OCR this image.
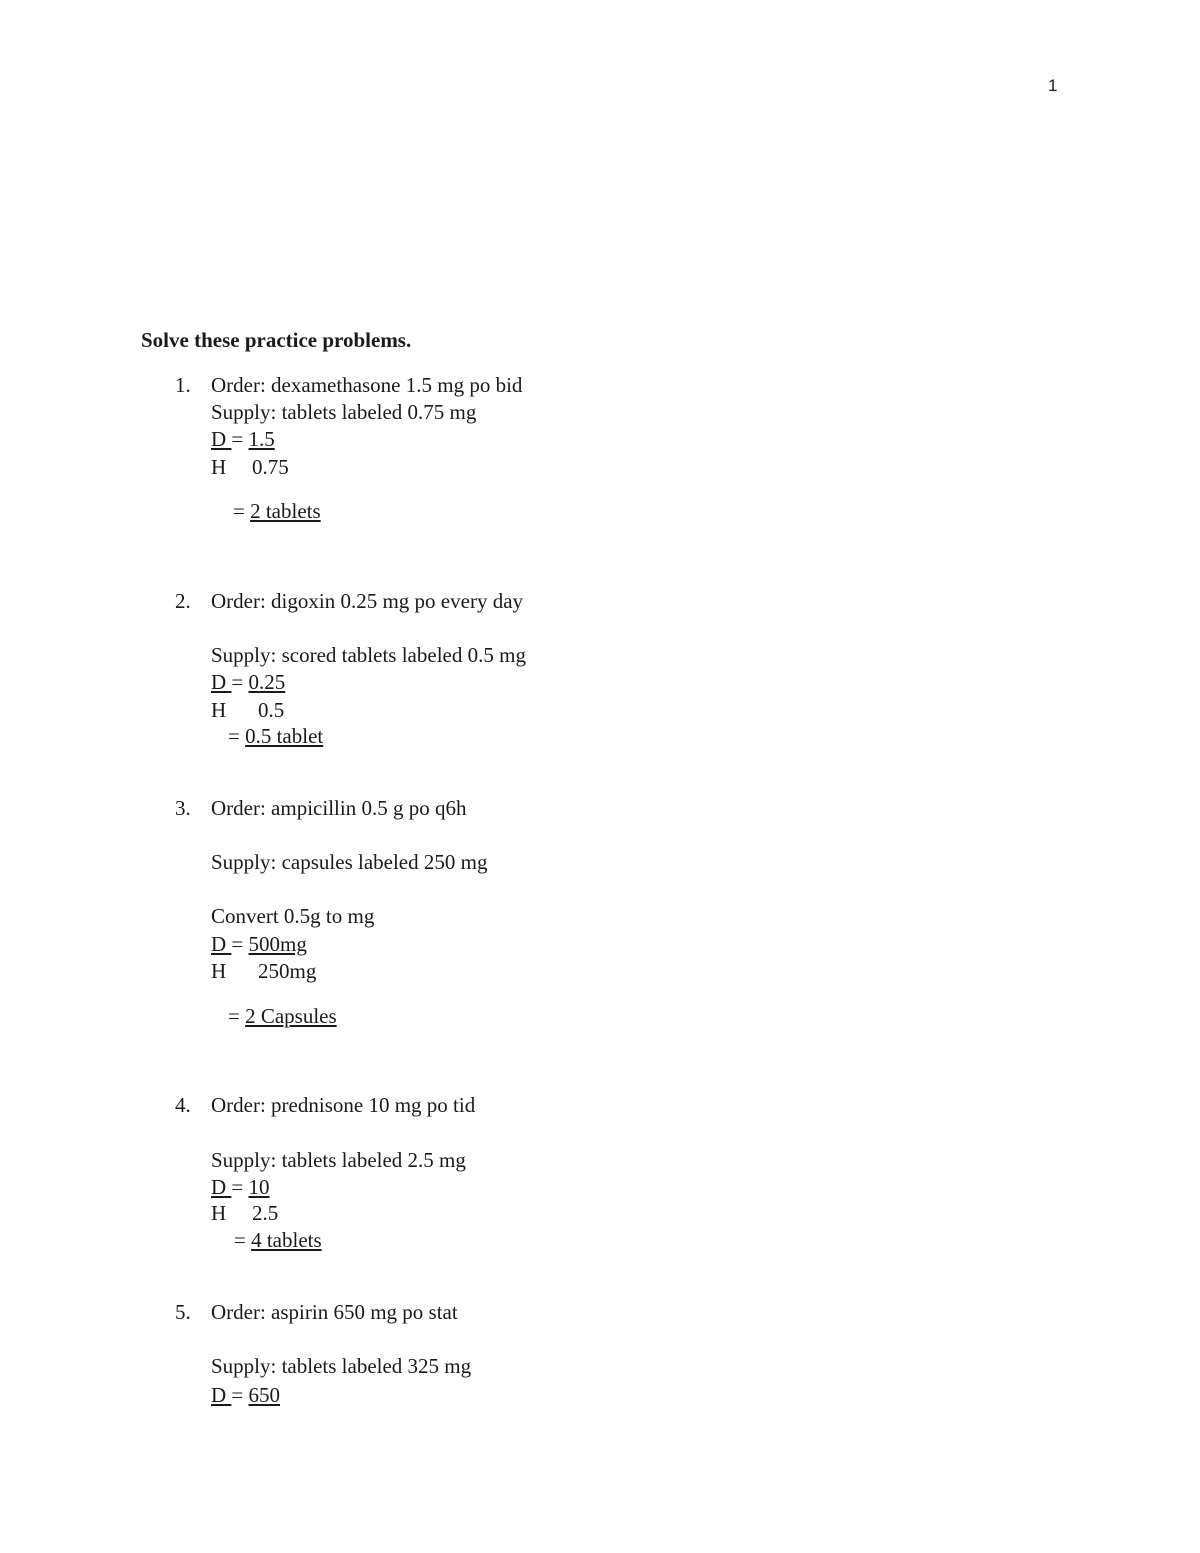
1
Solve these practice problems.
1. Order: dexamethasone 1.5 mg po bid
Supply: tablets labeled 0.75 mg
D = 1.5
H 0.75
= 2 tablets
2. Order: digoxin 0.25 mg po every day
Supply: scored tablets labeled 0.5 mg
D = 0.25
H 0.5
= 0.5 tablet
3. Order: ampicillin 0.5 g po q6h
Supply: capsules labeled 250 mg
Convert 0.5g to mg
D = 500mg
H 250mg
= 2 Capsules
4. Order: prednisone 10 mg po tid
Supply: tablets labeled 2.5 mg
D = 10
H 2.5
= 4 tablets
5. Order: aspirin 650 mg po stat
Supply: tablets labeled 325 mg
D = 650
